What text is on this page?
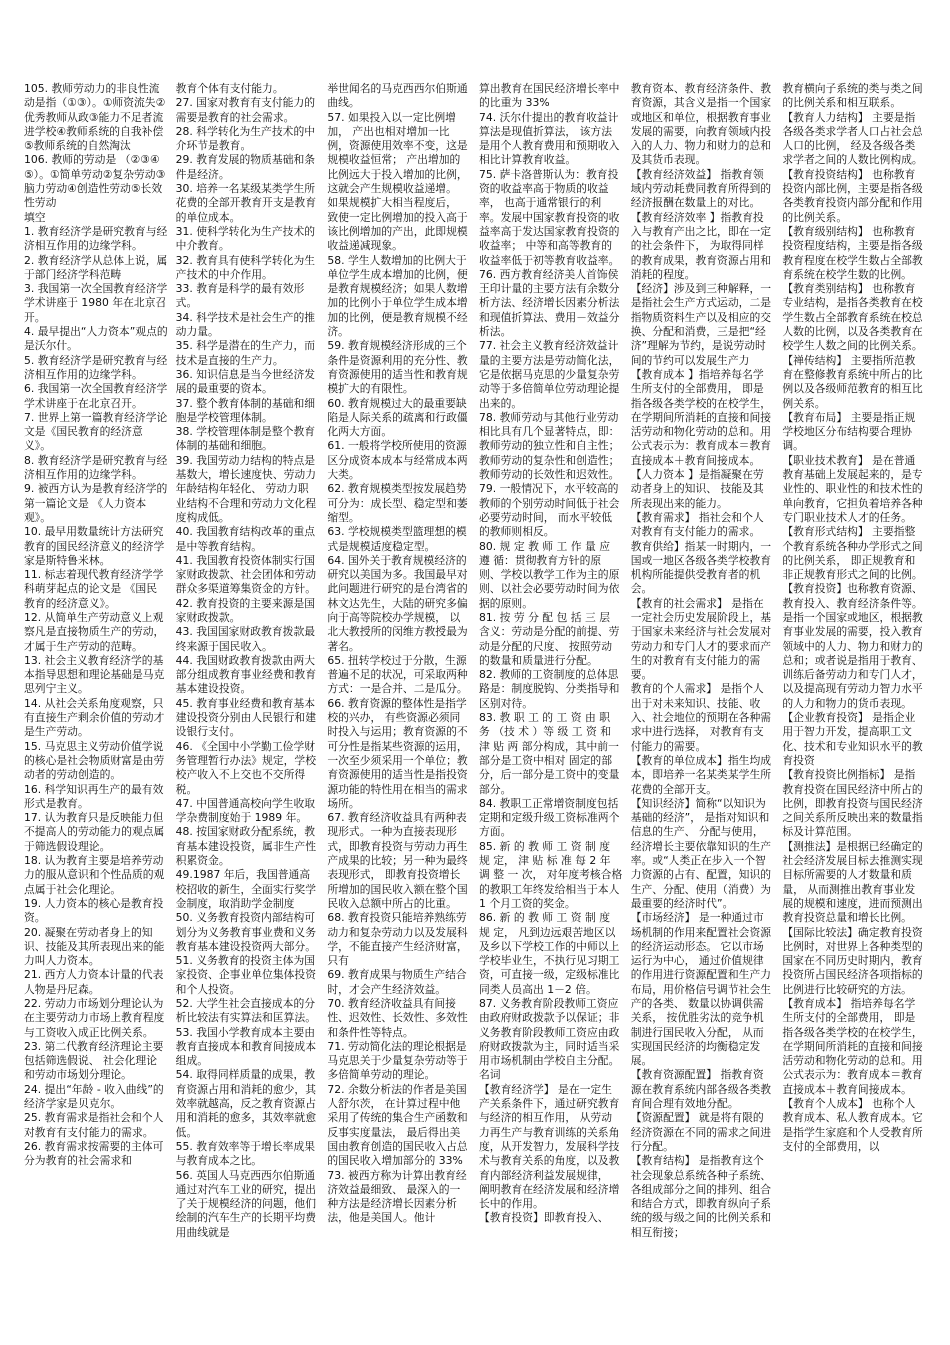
105. 教师劳动力的非良性流动是指（①③）。①师资流失②优秀教师从政③能力不足者流进学校④教师系统的自我补偿⑤教师系统的自然淘汰

106. 教师的劳动是 （②③④⑤）。①简单劳动②复杂劳动③脑力劳动④创造性劳动⑤长效性劳动

填空

1. 教育经济学是研究教育与经济相互作用的边缘学科。

2. 教育经济学从总体上说，属于部门经济学科范畴

3. 我国第一次全国教育经济学学术讲座于 1980 年在北京召开。

4. 最早提出“人力资本”观点的是沃尔什。

5. 教育经济学是研究教育与经济相互作用的边缘学科。

6. 我国第一次全国教育经济学学术讲座于在北京召开。

7. 世界上第一篇教育经济学论文是《国民教育的经济意义》。

8. 教育经济学是研究教育与经济相互作用的边缘学科。

9. 被西方认为是教育经济学的第一篇论文是 《人力资本观》。

10. 最早用数量统计方法研究教育的国民经济意义的经济学家是斯特鲁米林。

11. 标志着现代教育经济学学科萌芽起点的论文是 《国民教育的经济意义》。

12. 从简单生产劳动意义上观察凡是直接物质生产的劳动，才属于生产劳动的范畴。

13. 社会主义教育经济学的基本指导思想和理论基础是马克思列宁主义。

14. 从社会关系角度观察，只有直接生产剩余价值的劳动才是生产劳动。

15. 马克思主义劳动价值学说的核心是社会物质财富是由劳动者的劳动创造的。

16. 科学知识再生产的最有效形式是教育。

17. 认为教育只是反映能力但不提高人的劳动能力的观点属于筛选假设理论。

18. 认为教育主要是培养劳动力的服从意识和个性品质的观点属于社会化理论。

19. 人力资本的核心是教育投资。

20. 凝聚在劳动者身上的知识、技能及其所表现出来的能力叫人力资本。

21. 西方人力资本计量的代表人物是丹尼森。

22. 劳动力市场划分理论认为在主要劳动力市场上教育程度与工资收入成正比例关系。

23. 第二代教育经济理论主要包括筛选假说、 社会化理论和劳动市场划分理论。

24. 提出“年龄 - 收入曲线”的经济学家是贝克尔。

25. 教育需求是指社会和个人对教育有支付能力的需求。

26. 教育需求按需要的主体可分为教育的社会需求和

教育个体有支付能力。

27. 国家对教育有支付能力的需要是教育的社会需求。

28. 科学转化为生产技术的中介环节是教育。

29. 教育发展的物质基础和条件是经济。

30. 培养一名某级某类学生所花费的全部开教育开支是教育的单位成本。

31. 使科学转化为生产技术的中介教育。

32. 教育具有使科学转化为生产技术的中介作用。

33. 教育是科学的最有效形式。

34. 科学技术是社会生产的推动力量。

35. 科学是潜在的生产力，而技术是直接的生产力。

36. 知识信息是当今世经济发展的最重要的资本。

37. 整个教育体制的基础和细胞是学校管理体制。

38. 学校管理体制是整个教育体制的基础和细胞。

39. 我国劳动力结构的特点是基数大，增长速度快、劳动力年龄结构年轻化、 劳动力职业结构不合理和劳动力文化程度构成低。

40. 我国教育结构改革的重点是中等教育结构。

41. 我国教育投资体制实行国家财政拨款、社会团体和劳动群众多渠道筹集资金的方针。

42. 教育投资的主要来源是国家财政拨款。

43. 我国国家财政教育拨款最终来源于国民收入。

44. 我国财政教育拨款由两大部分组成教育事业经费和教育基本建设投资。

45. 教育事业经费和教育基本建设投资分别由人民银行和建设银行支付。

46. 《全国中小学勤工俭学财务管理暂行办法》规定，学校校产收入不上交也不交所得税。

47. 中国普通高校向学生收取学杂费制度始于 1989 年。

48. 按国家财政分配系统，教育基本建设投资，属非生产性积累资金。

49.1987 年后，我国普通高校招收的新生，全面实行奖学金制度，取消助学金制度

50. 义务教育投资内部结构可划分为义务教育事业费和义务教育基本建设投资两大部分。

51. 义务教育的投资主体为国家投资、企事业单位集体投资和个人投资。

52. 大学生社会直接成本的分析比较法有实算法和匡算法。

53. 我国小学教育成本主要由教育直接成本和教育间接成本组成。

54. 取得同样质量的成果，教育资源占用和消耗的愈少，其效率就越高，反之教育资源占用和消耗的愈多，其效率就愈低。

55. 教育效率等于增长率成果与教育成本之比。

56. 英国人马克西西尔伯斯通通过对汽车工业的研究，提出了关于规模经济的问题，他们绘制的汽车生产的长期平均费用曲线就是

举世闻名的马克西西尔伯斯通曲线。

57. 如果投入以一定比例增加， 产出也相对增加一比例，资源使用效率不变，这是规模收益恒常； 产出增加的比例远大于投入增加的比例，这就会产生规模收益递增。 如果规模扩大相当程度后， 致使一定比例增加的投入高于该比例增加的产出，此即规模收益递减现象。

58. 学生人数增加的比例大于单位学生成本增加的比例，便是教育规模经济；如果人数增加的比例小于单位学生成本增加的比例，便是教育规模不经济。

59. 教育规模经济形成的三个条件是资源利用的充分性、教育资源使用的适当性和教育规模扩大的有限性。

60. 教育规模过大的最重要缺陷是人际关系的疏离和行政僵化两大方面。

61. 一般将学校所使用的资源区分成资本成本与经常成本两大类。

62. 教育规模类型按发展趋势可分为：成长型、稳定型和萎缩型。

63. 学校规模类型篮理想的模式是规模适度稳定型。

64. 国外关于教育规模经济的研究以美国为多。我国最早对此问题进行研究的是台湾省的 林文达先生，大陆的研究多偏向于高等院校办学规模， 以北大教授所的闵维方教授最为著名。

65. 扭转学校过于分散，生源普遍不足的状况，可采取两种方式：一是合并、二是瓜分。

66. 教育资源的整体性是指学校的兴办， 有些资源必须同时投入与运用；教育资源的不可分性是指某些资源的运用， 一次至少须采用一个单位；教育资源使用的适当性是指投资源功能的特性用在相当的需求场所。

67. 教育经济收益具有两种表现形式。一种为直接表现形式，即教育投资与劳动力再生产成果的比较；另一种为最终表现形式， 即教育投资增长所增加的国民收入额在整个国民收入总额中所占的比重。

68. 教育投资只能培养熟练劳动力和复杂劳动力以及发展科学，不能直接产生经济财富，只有

69. 教育成果与物质生产结合时，才会产生经济效益。

70. 教育经济收益具有间接性、迟效性、长效性、多效性和条件性等特点。

71. 劳动简化法的理论根据是马克思关于少量复杂劳动等于多倍简单劳动的理论。

72. 余数分析法的作者是美国人舒尔茨， 在计算过程中他采用了传统的集合生产函数和反事实度量法， 最后得出美国由教育创造的国民收入占总的国民收入增加部分的 33%

73. 被西方称为计算出教育经济效益最细致、 最深入的一种方法是经济增长因素分析法，他是美国人。他计

算出教育在国民经济增长率中的比重为 33%

74. 沃尔什提出的教育收益计算法是现值折算法， 该方法是用个人教育费用和预期收入相比计算教育收益。

75. 萨卡洛普斯认为：教育投资的收益率高于物质的收益率， 也高于通常银行的利率。发展中国家教育投资的收益率高于发达国家教育投资的收益率； 中等和高等教育的收益率低于初等教育收益率。

76. 西方教育经济美人首饰侯王印计量的主要方法有余数分析方法、经济增长因素分析法和现值折算法、费用－效益分析法。

77. 社会主义教育经济效益计量的主要方法是劳动简化法，它是依据马克思的少量复杂劳动等于多倍简单位劳动理论提出来的。

78. 教师劳动与其他行业劳动相比具有几个显著特点，即：教师劳动的独立性和自主性；教师劳动的复杂性和创造性； 教师劳动的长效性和迟效性。

79. 一般情况下，水平较高的教师的个别劳动时间低于社会必要劳动时间， 而水平较低的教师则相反。

80. 规 定 教 师 工 作 量 应 遵 循：贯彻教育方针的原则、学校以教学工作为主的原则、以社会必要劳动时间为依据的原则。

81. 按 劳 分 配 包 括 三 层 含义：劳动是分配的前提、劳动是分配的尺度、 按照劳动的数量和质量进行分配。

82. 教师的工资制度的总体思路是：制度脱钩、分类指导和区别对待。

83. 教 职 工 的 工 资 由 职 务 （技 术 ）等 级 工 资 和 津 贴 两 部分构成，其中前一部分是工资中相对 固定的部分，后一部分是工资中的变量部分。

84. 教职工正常增资制度包括定期和定级升级工资标准两个方面。

85. 新 的 教 师 工 资 制 度 规 定， 津 贴 标 准 每 2 年 调 整 一 次， 对年度考核合格的教职工年终发给相当于本人 1 个月工资的奖金。

86. 新 的 教 师 工 资 制 度 规 定， 凡到边远艰苦地区以及乡以下学校工作的中师以上学校毕业生，不执行见习期工资，可直接一级，定级标准比同类人员高出 1－2 倍。

87. 义务教育阶段教师工资应由政府财政拨款予以保证；非义务教育阶段教师工资应由政府财政拨款为主，同时适当采用市场机制由学校自主分配。

名词

【教育经济学】 是在一定生产关系条件下，通过研究教育与经济的相互作用， 从劳动力再生产与教育训练的关系角度，从开发智力，发展科学技术与教育关系的角度，以及教育内部经济利益发展规律， 阐明教育在经济发展和经济增长中的作用。

【教育投资】即教育投入、

教育资本、教育经济条件、教育资源，其含义是指一个国家或地区和单位，根据教育事业发展的需要，向教育领域内投入的人力、物力和财力的总和及其货币表现。

【教育经济效益】 指教育领域内劳动耗费同教育所得到的经济报酬在数量上的对比。

【教育经济效率 】指教育投入与教育产出之比，即在一定的社会条件下， 为取得同样的教育成果，教育资源占用和消耗的程度。

【经济】涉及到三种解释，一是指社会生产方式运动，二是指物质资料生产以及相应的交换、分配和消费，三是把“经济”理解为节约，是说劳动时间的节约可以发展生产力

【教育成本 】指培养每名学生所支付的全部费用， 即是指各级各类学校的在校学生，在学期间所消耗的直接和间接活劳动和物化劳动的总和。用公式表示为：教育成本＝教育直接成本＋教育间接成本。

【人力资本 】是指凝聚在劳动者身上的知识、 技能及其所表现出来的能力。

【教育需求】 指社会和个人对教育有支付能力的需求。

教育供给】指某一时期内，一国或一地区各级各类学校教育机构所能提供受教育者的机会。

【教育的社会需求】 是指在一定社会历史发展阶段上，基于国家未来经济与社会发展对劳动力和专门人才的要求而产生的对教育有支付能力的需要。

教育的个人需求】 是指个人出于对未来知识、技能、收入、社会地位的预期在各种需求中进行选择， 对教育有支付能力的需要。

【教育的单位成本】指生均成本，即培养一名某类某学生所花费的全部开支。

【知识经济】简称“以知识为基础的经济”， 是指对知识和信息的生产、 分配与使用，经济增长主要依靠知识的生产率。或“人类正在步入一个智力资源的占有、配置，知识的生产、分配、使用（消费）为最重要的经济时代”。

【市场经济】 是一种通过市场机制的作用来配置社会资源的经济运动形态。 它以市场运行为中心， 通过价值规律的作用进行资源配置和生产力布局，用价格信号调节社会生产的各类、 数量以协调供需关系， 按优胜劣汰的竞争机制进行国民收入分配， 从而实现国民经济的均衡稳定发展。

【教育资源配置】 指教育资源在教育系统内部各级各类教育间合理有效地分配。

【资源配置】 就是将有限的经济资源在不同的需求之间进行分配。

【教育结构】 是指教育这个社会现象总系统各种子系统、各组成部分之间的排列、组合和结合方式，即教育纵向子系统的级与级之间的比例关系和相互衔接；

教育横向子系统的类与类之间的比例关系和相互联系。

【教育人力结构】 主要是指各级各类求学者人口占社会总人口的比例， 经及各级各类求学者之间的人数比例构成。

【教育投资结构】 也称教育投资内部比例，主要是指各级各类教育投资内部分配和作用的比例关系。

【教育级别结构】 也称教育投资程度结构，主要是指各级教育程度在校学生数占全部教育系统在校学生数的比例。

【教育类别结构】 也称教育专业结构，是指各类教育在校学生数占全部教育系统在校总人数的比例，以及各类教育在校学生人数之间的比例关系。

【禅传结构】 主要指所范教育在整修教育系统中所占的比例以及各级师范教育的相互比例关系。

【教育布局】 主要是指正规学校地区分布结构要合理协调。

【职业技术教育】 是在普通教育基础上发展起来的，是专业性的、职业性的和技术性的单向教育，它担负着培养各种专门职业技术人才的任务。

【教育形式结构】 主要指整个教育系统各种办学形式之间的比例关系， 即正规教育和非正规教育形式之间的比例。

【教育投资】也称教育资源、教育投入、教育经济条件等。是指一个国家或地区，根据教育事业发展的需要，投入教育领域中的人力、物力和财力的总和；或者说是指用于教育、训练后备劳动力和专门人才， 以及提高现有劳动力智力水平的人力和物力的货币表现。

【企业教育投资】 是指企业用于智力开发，提高职工文化、技术和专业知识水平的教育投资

【教育投资比例指标】 是指教育投资在国民经济中所占的比例，即教育投资与国民经济之间关系所反映出来的数量指标及计算范围。

【测推法】是根据已经确定的社会经济发展目标去推测实现目标所需要的人才数量和质量， 从而测推出教育事业发展的规模和速度，进而预测出教育投资总量和增长比例。

【国际比较法】确定教育投资比例时，对世界上各种类型的国家在不同历史时期内，教育投资所占国民经济各项指标的比例进行比较研究的方法。

【教育成本】 指培养每名学生所支付的全部费用， 即是指各级各类学校的在校学生，在学期间所消耗的直接和间接活劳动和物化劳动的总和。用公式表示为：教育成本＝教育直接成本＋教育间接成本。

【教育个人成本】 也称个人教育成本、私人教育成本。它是指学生家庭和个人受教育所支付的全部费用，以
